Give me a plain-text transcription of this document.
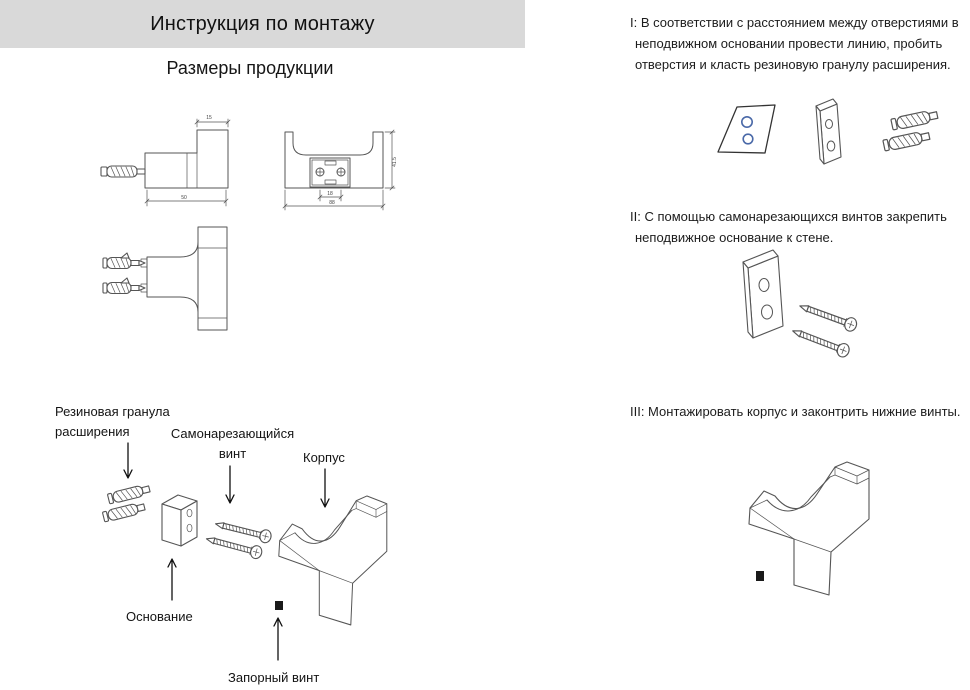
Инструкция по монтажу
Размеры продукции
15
50
41.5
18
88
Резиновая гранула расширения	Самонарезающийся винт	Корпус
Основание
Запорный винт

I: В соответствии с расстоянием между отверстиями в неподвижном основании провести линию, пробить отверстия и класть резиновую гранулу расширения.

II: С помощью самонарезающихся винтов закрепить неподвижное основание к стене.

III: Монтажировать корпус и законтрить нижние винты.
